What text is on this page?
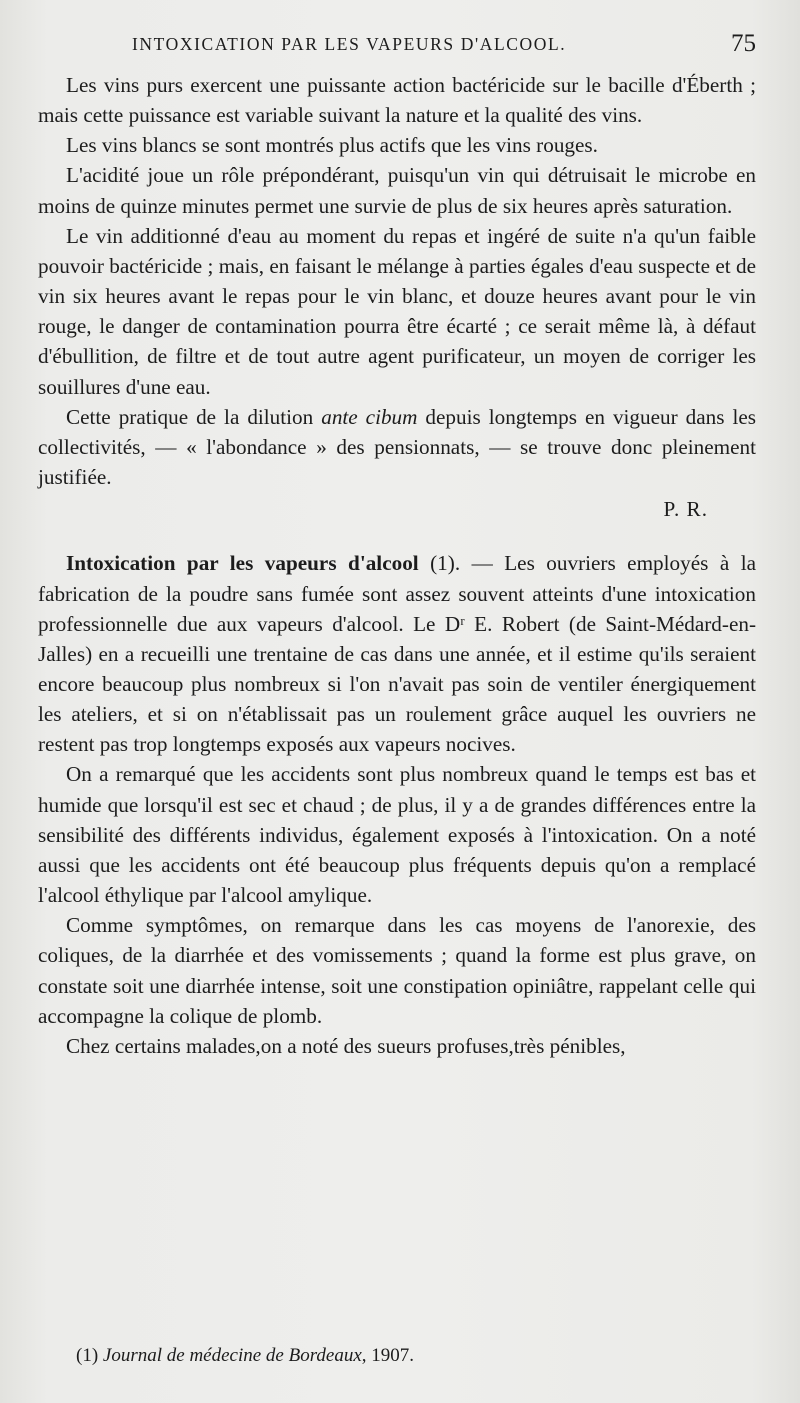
INTOXICATION PAR LES VAPEURS D'ALCOOL.	75

Les vins purs exercent une puissante action bactéricide sur le bacille d'Éberth ; mais cette puissance est variable suivant la nature et la qualité des vins.

Les vins blancs se sont montrés plus actifs que les vins rouges.

L'acidité joue un rôle prépondérant, puisqu'un vin qui détruisait le microbe en moins de quinze minutes permet une survie de plus de six heures après saturation.

Le vin additionné d'eau au moment du repas et ingéré de suite n'a qu'un faible pouvoir bactéricide ; mais, en faisant le mélange à parties égales d'eau suspecte et de vin six heures avant le repas pour le vin blanc, et douze heures avant pour le vin rouge, le danger de contamination pourra être écarté ; ce serait même là, à défaut d'ébullition, de filtre et de tout autre agent purificateur, un moyen de corriger les souillures d'une eau.

Cette pratique de la dilution ante cibum depuis longtemps en vigueur dans les collectivités, — « l'abondance » des pensionnats, — se trouve donc pleinement justifiée.

P. R.

Intoxication par les vapeurs d'alcool (1). — Les ouvriers employés à la fabrication de la poudre sans fumée sont assez souvent atteints d'une intoxication professionnelle due aux vapeurs d'alcool. Le Dʳ E. Robert (de Saint-Médard-en-Jalles) en a recueilli une trentaine de cas dans une année, et il estime qu'ils seraient encore beaucoup plus nombreux si l'on n'avait pas soin de ventiler énergiquement les ateliers, et si on n'établissait pas un roulement grâce auquel les ouvriers ne restent pas trop longtemps exposés aux vapeurs nocives.

On a remarqué que les accidents sont plus nombreux quand le temps est bas et humide que lorsqu'il est sec et chaud ; de plus, il y a de grandes différences entre la sensibilité des différents individus, également exposés à l'intoxication. On a noté aussi que les accidents ont été beaucoup plus fréquents depuis qu'on a remplacé l'alcool éthylique par l'alcool amylique.

Comme symptômes, on remarque dans les cas moyens de l'anorexie, des coliques, de la diarrhée et des vomissements ; quand la forme est plus grave, on constate soit une diarrhée intense, soit une constipation opiniâtre, rappelant celle qui accompagne la colique de plomb.

Chez certains malades,on a noté des sueurs profuses,très pénibles,

(1) Journal de médecine de Bordeaux, 1907.
